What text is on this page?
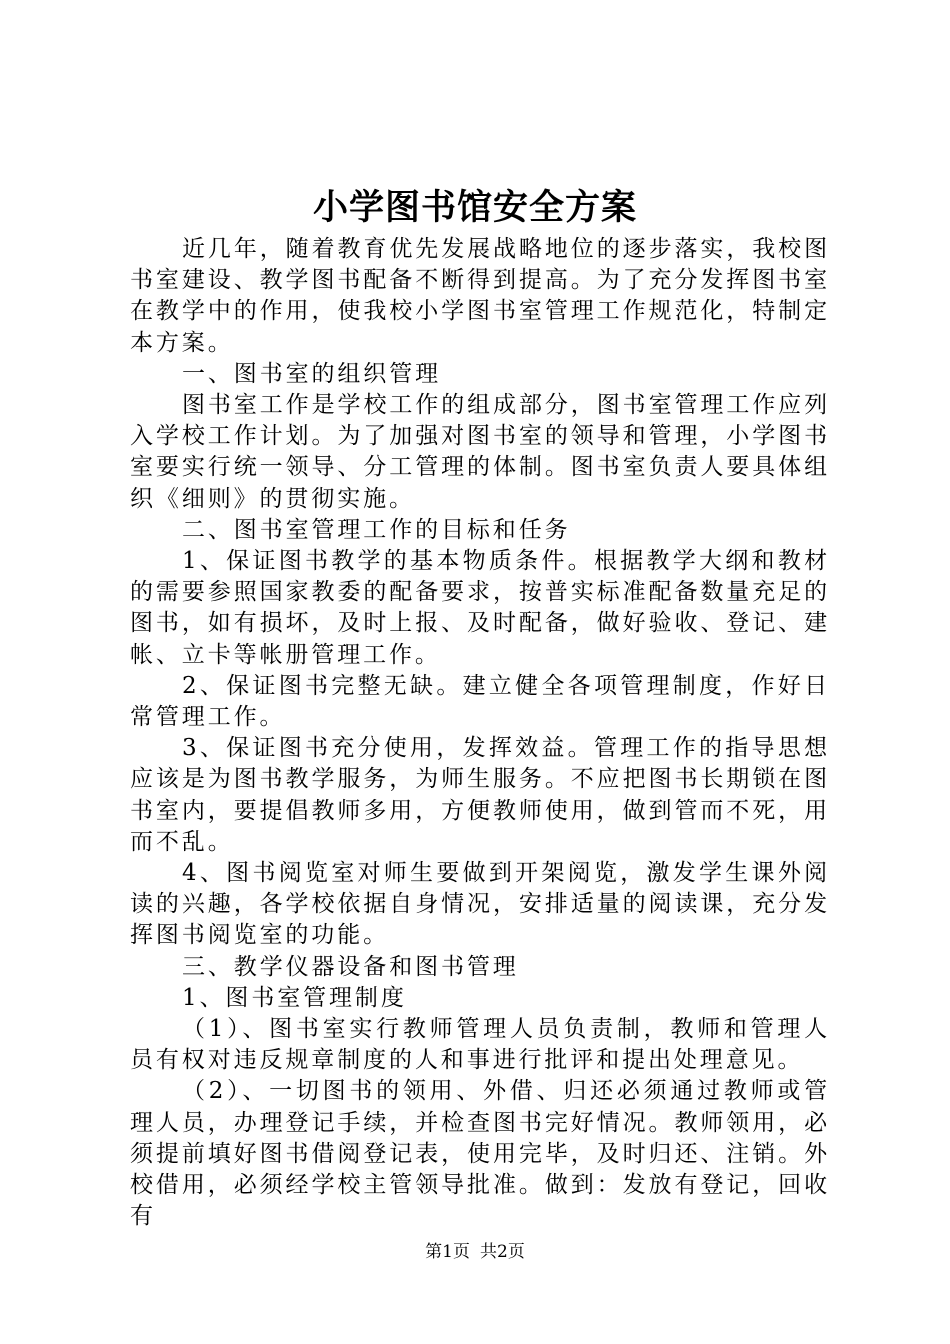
小学图书馆安全方案

近几年，随着教育优先发展战略地位的逐步落实，我校图书室建设、教学图书配备不断得到提高。为了充分发挥图书室在教学中的作用，使我校小学图书室管理工作规范化，特制定本方案。

一、图书室的组织管理

图书室工作是学校工作的组成部分，图书室管理工作应列入学校工作计划。为了加强对图书室的领导和管理，小学图书室要实行统一领导、分工管理的体制。图书室负责人要具体组织《细则》的贯彻实施。

二、图书室管理工作的目标和任务

1、保证图书教学的基本物质条件。根据教学大纲和教材的需要参照国家教委的配备要求，按普实标准配备数量充足的图书，如有损坏，及时上报、及时配备，做好验收、登记、建帐、立卡等帐册管理工作。

2、保证图书完整无缺。建立健全各项管理制度，作好日常管理工作。

3、保证图书充分使用，发挥效益。管理工作的指导思想应该是为图书教学服务，为师生服务。不应把图书长期锁在图书室内，要提倡教师多用，方便教师使用，做到管而不死，用而不乱。

4、图书阅览室对师生要做到开架阅览，激发学生课外阅读的兴趣，各学校依据自身情况，安排适量的阅读课，充分发挥图书阅览室的功能。

三、教学仪器设备和图书管理

1、图书室管理制度

（1）、图书室实行教师管理人员负责制，教师和管理人员有权对违反规章制度的人和事进行批评和提出处理意见。

（2）、一切图书的领用、外借、归还必须通过教师或管理人员，办理登记手续，并检查图书完好情况。教师领用，必须提前填好图书借阅登记表，使用完毕，及时归还、注销。外校借用，必须经学校主管领导批准。做到：发放有登记，回收有

第1页 共2页
